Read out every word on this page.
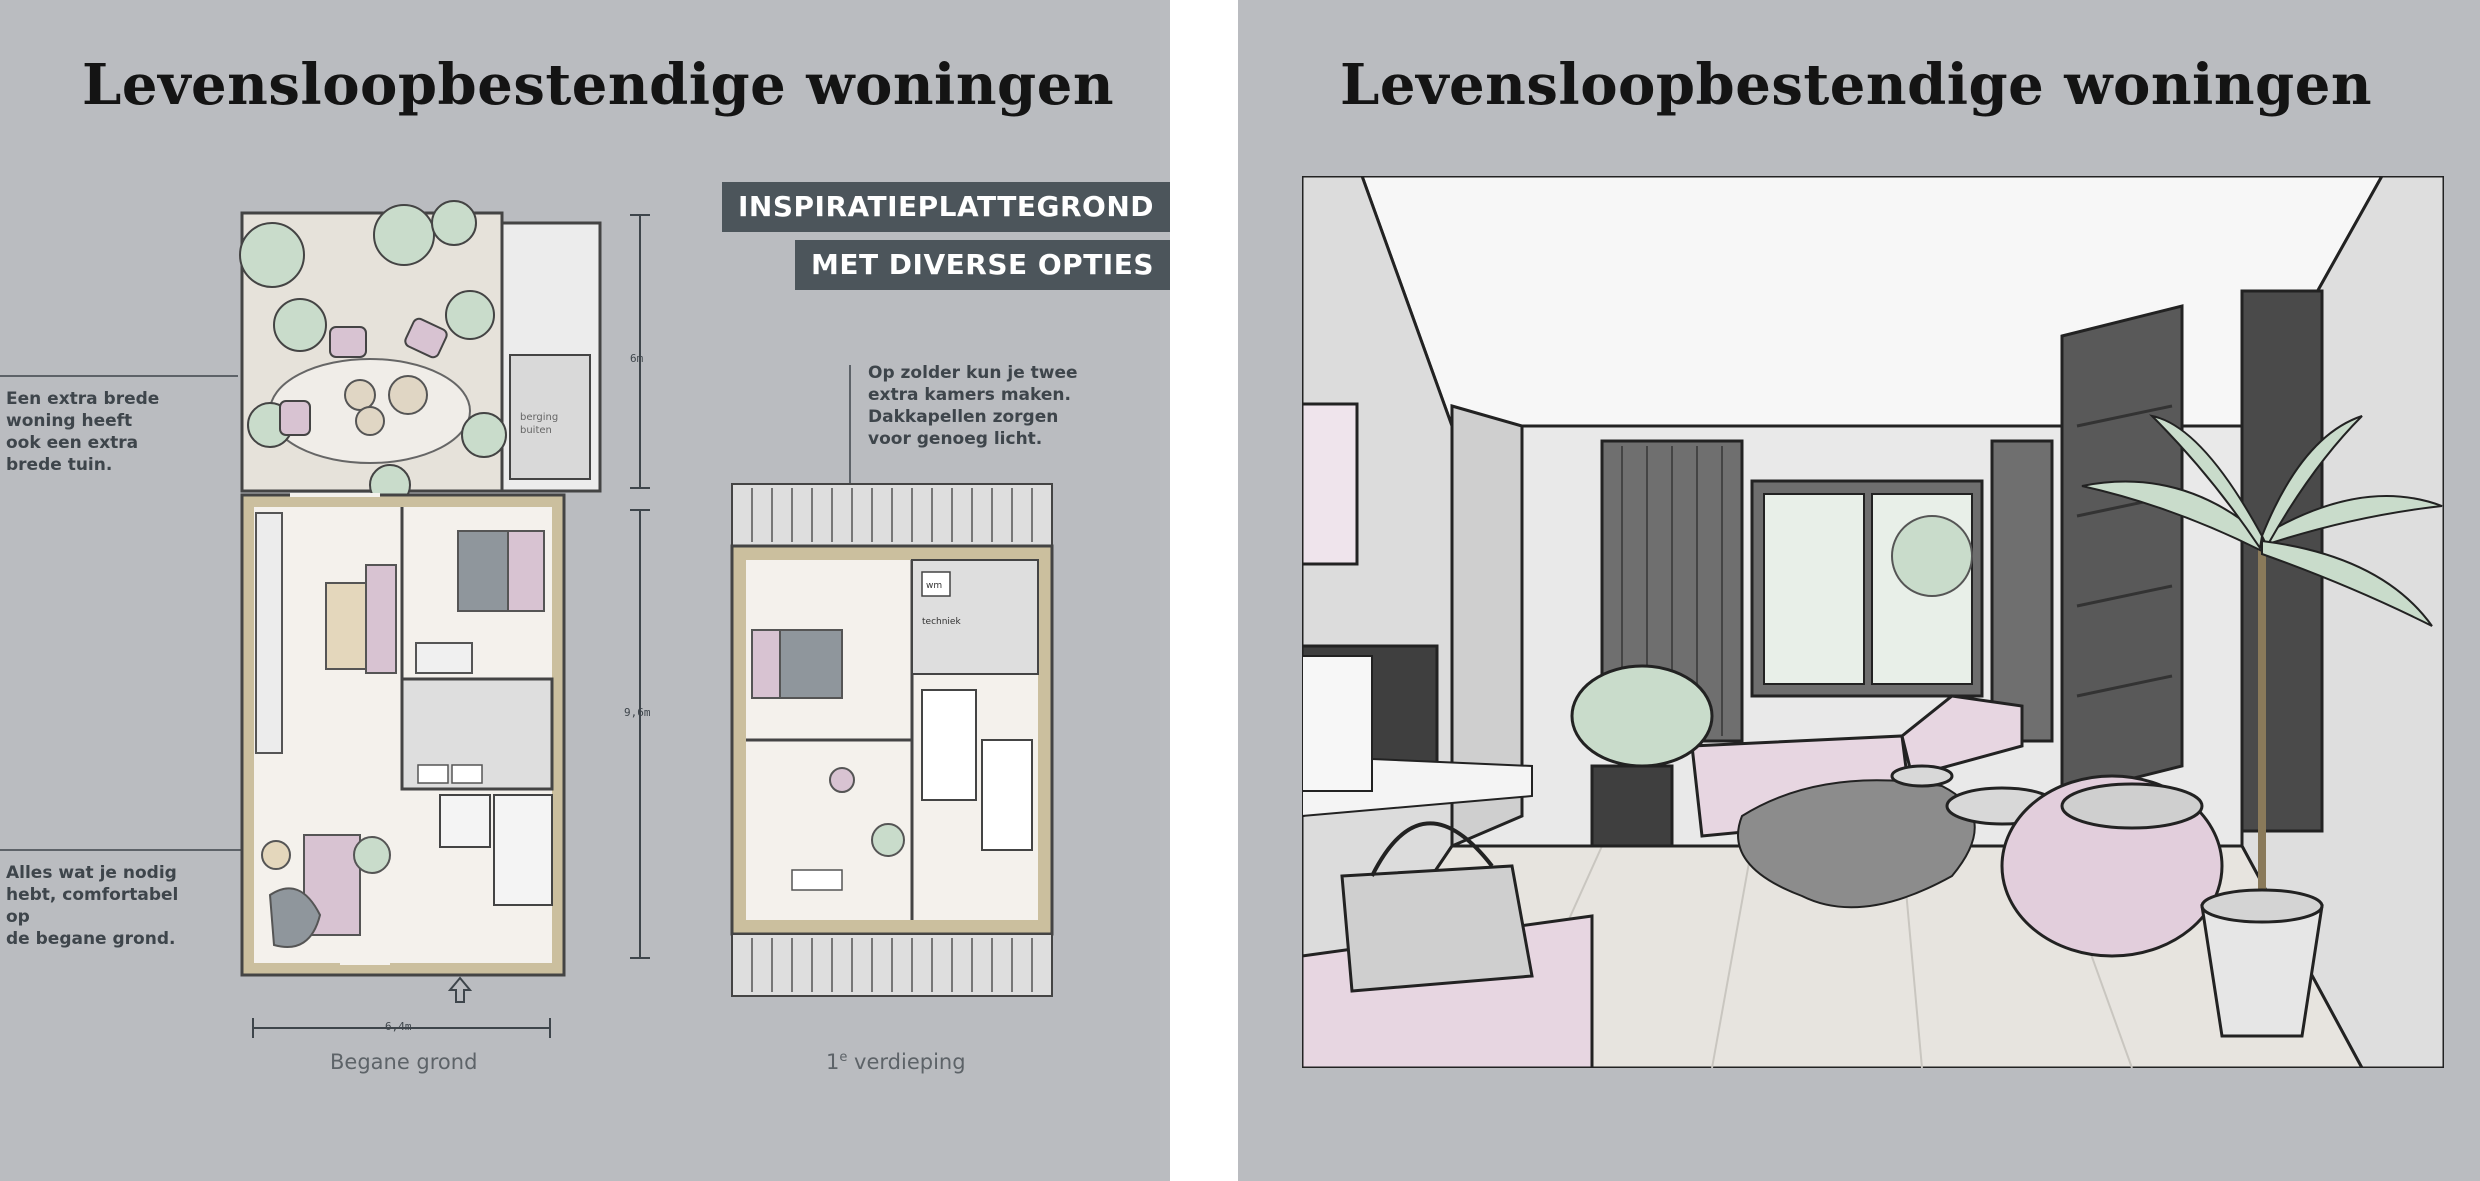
Levensloopbestendige woningen
INSPIRATIEPLATTEGROND
MET DIVERSE OPTIES
6m
9,6m
6,4m
berging
buiten
wm
techniek

Een extra brede
woning heeft
ook een extra
brede tuin.

Alles wat je nodig
hebt, comfortabel op
de begane grond.

Op zolder kun je twee
extra kamers maken.
Dakkapellen zorgen
voor genoeg licht.

Begane grond	1e verdieping
Levensloopbestendige woningen
